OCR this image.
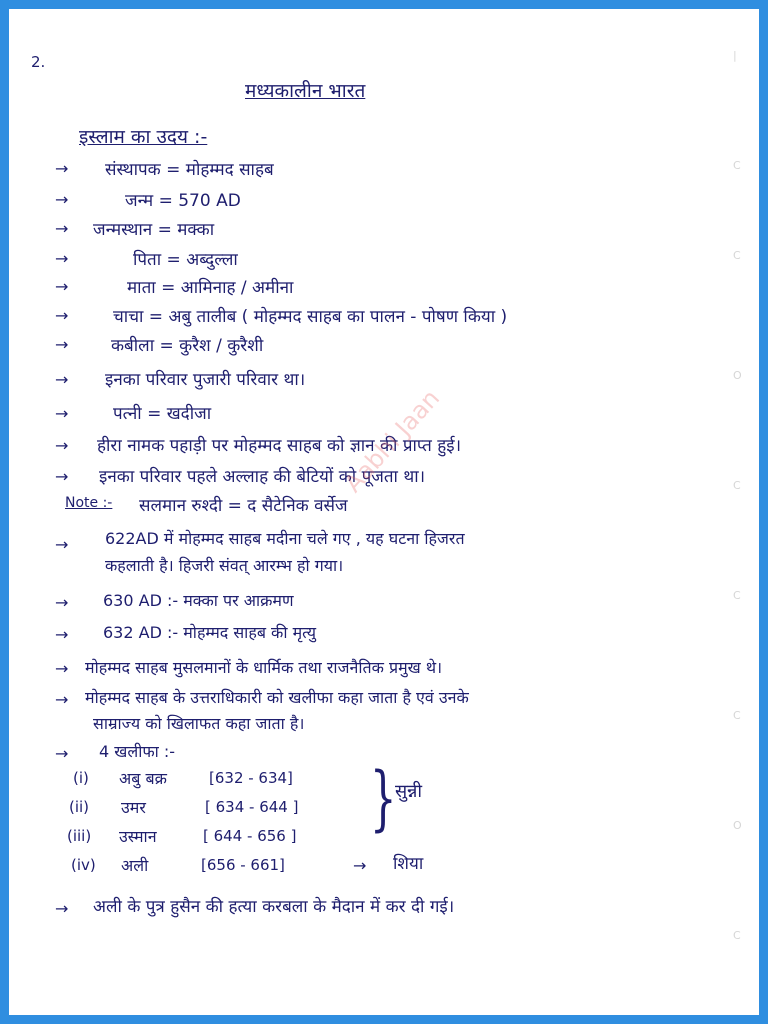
2.
मध्यकालीन भारत
इस्लाम का उदय :-
→ संस्थापक = मोहम्मद साहब
→	जन्म = 570 AD
→ जन्मस्थान = मक्का
→	पिता = अब्दुल्ला
→	माता = आमिनाह / अमीना
→	चाचा = अबु तालीब ( मोहम्मद साहब का पालन - पोषण किया )
→	कबीला = कुरैश / कुरैशी
→ इनका परिवार पुजारी परिवार था।
→	पत्नी = खदीजा
→ हीरा नामक पहाड़ी पर मोहम्मद साहब को ज्ञान की प्राप्त हुई।
→ इनका परिवार पहले अल्लाह की बेटियों को पूजता था।
Note :- सलमान रुश्दी = द सैटेनिक वर्सेज
Aabhi Jaan
→ 622AD में मोहम्मद साहब मदीना चले गए , यह घटना हिजरत
कहलाती है। हिजरी संवत् आरम्भ हो गया।
→ 630 AD :- मक्का पर आक्रमण
→ 632 AD :- मोहम्मद साहब की मृत्यु
→ मोहम्मद साहब मुसलमानों के धार्मिक तथा राजनैतिक प्रमुख थे।
→ मोहम्मद साहब के उत्तराधिकारी को खलीफा कहा जाता है एवं उनके
साम्राज्य को खिलाफत कहा जाता है।
→ 4 खलीफा :-
(i) अबु बक्र	[632 - 634]
(ii) उमर	[ 634 - 644 ]
(iii) उस्मान	[ 644 - 656 ]
(iv) अली	[656 - 661]
}
सुन्नी
→ शिया
→ अली के पुत्र हुसैन की हत्या करबला के मैदान में कर दी गई।
|
C
C
O
C
C
C
O
C
